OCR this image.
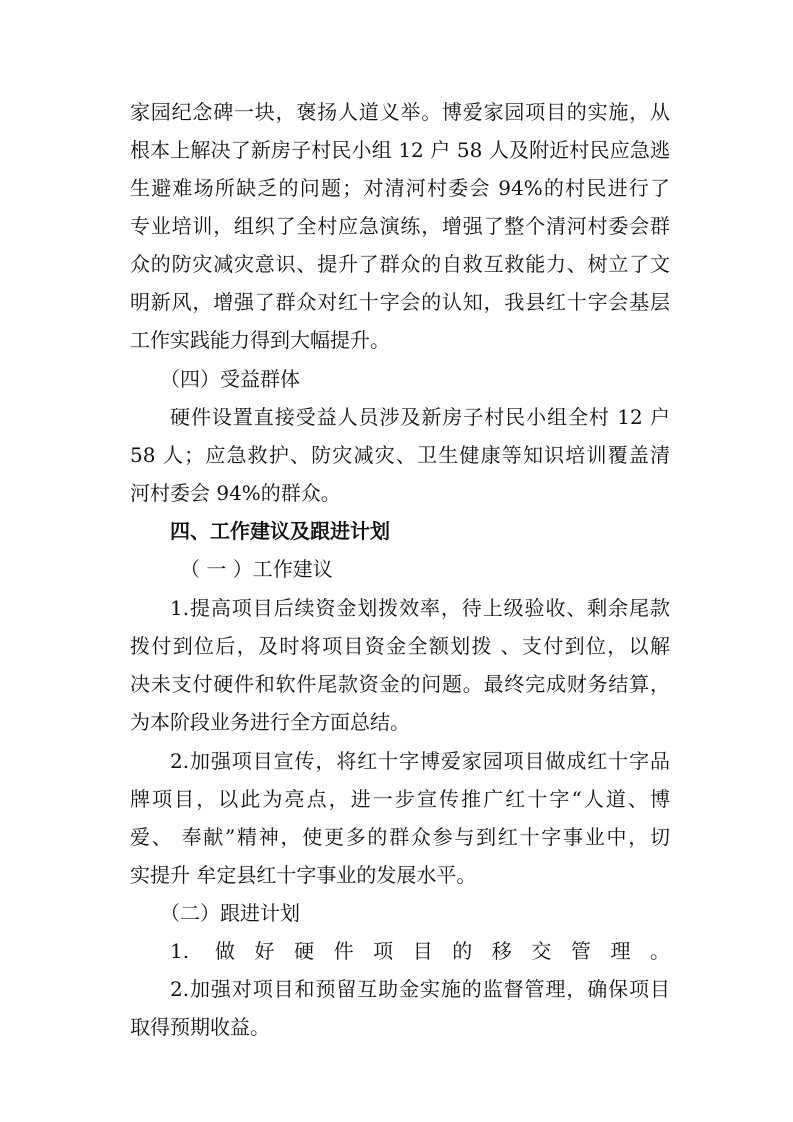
家园纪念碑一块，褒扬人道义举。博爱家园项目的实施，从
根本上解决了新房子村民小组 12 户 58 人及附近村民应急逃
生避难场所缺乏的问题；对清河村委会 94%的村民进行了
专业培训，组织了全村应急演练，增强了整个清河村委会群
众的防灾减灾意识、提升了群众的自救互救能力、树立了文
明新风，增强了群众对红十字会的认知，我县红十字会基层
工作实践能力得到大幅提升。
（四）受益群体
硬件设置直接受益人员涉及新房子村民小组全村 12 户
58 人；应急救护、防灾减灾、卫生健康等知识培训覆盖清
河村委会 94%的群众。
四、工作建议及跟进计划
（ 一 ）工作建议
1.提高项目后续资金划拨效率，待上级验收、剩余尾款
拨付到位后，及时将项目资金全额划拨 、支付到位，以解
决未支付硬件和软件尾款资金的问题。最终完成财务结算，
为本阶段业务进行全方面总结。
2.加强项目宣传，将红十字博爱家园项目做成红十字品
牌项目，以此为亮点，进一步宣传推广红十字“人道、博
爱、 奉献”精神，使更多的群众参与到红十字事业中，切
实提升 牟定县红十字事业的发展水平。
（二）跟进计划
1. 做好硬件项目的移交管理。
2.加强对项目和预留互助金实施的监督管理，确保项目
取得预期收益。
